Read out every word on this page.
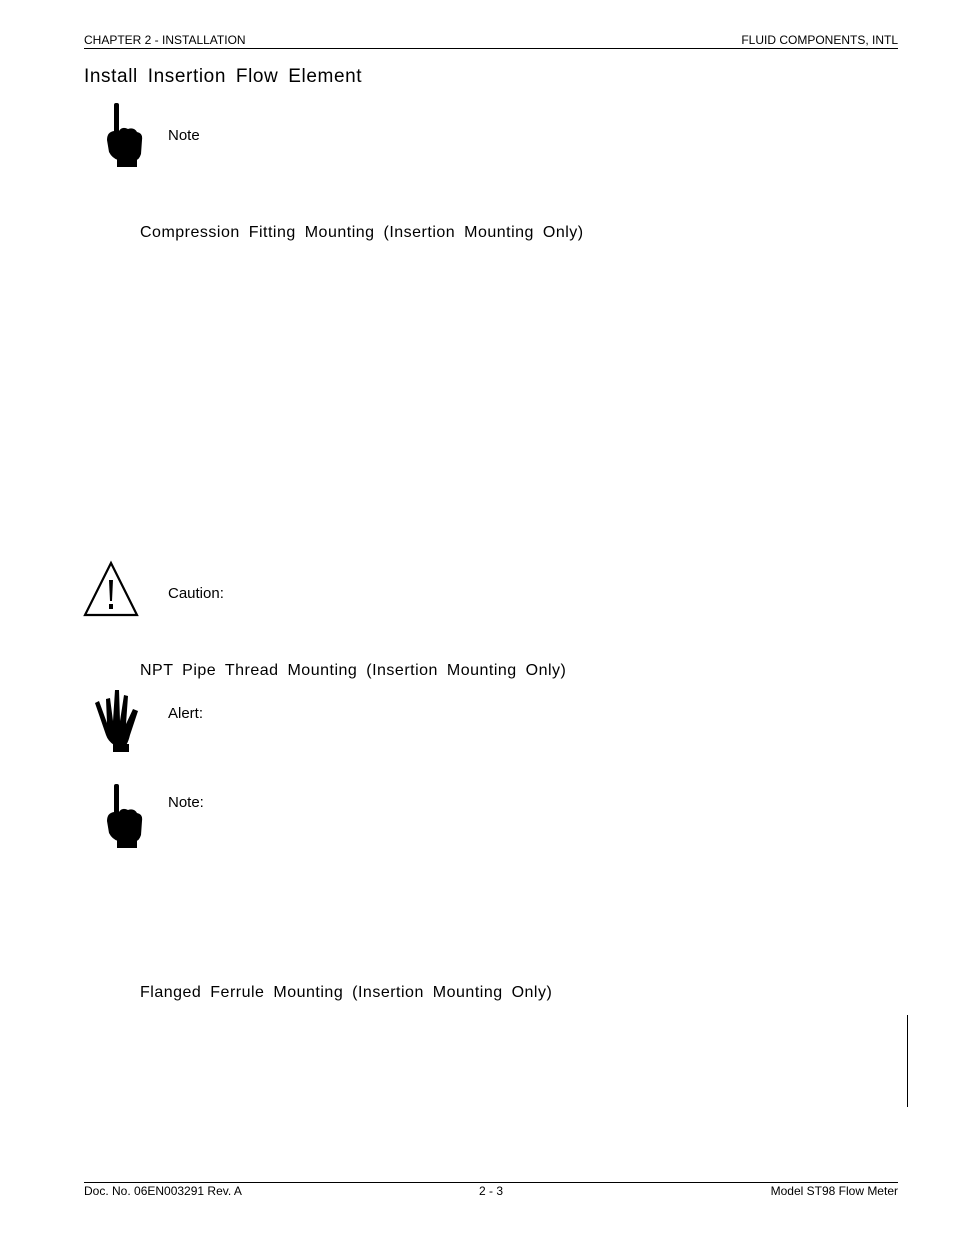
CHAPTER 2 - INSTALLATION	FLUID COMPONENTS, INTL
Install Insertion Flow Element
Note
Compression Fitting Mounting (Insertion Mounting Only)
Caution:
NPT Pipe Thread Mounting (Insertion Mounting Only)
Alert:
Note:
Flanged Ferrule Mounting (Insertion Mounting Only)
Doc. No. 06EN003291 Rev. A	2 - 3	Model ST98 Flow Meter
